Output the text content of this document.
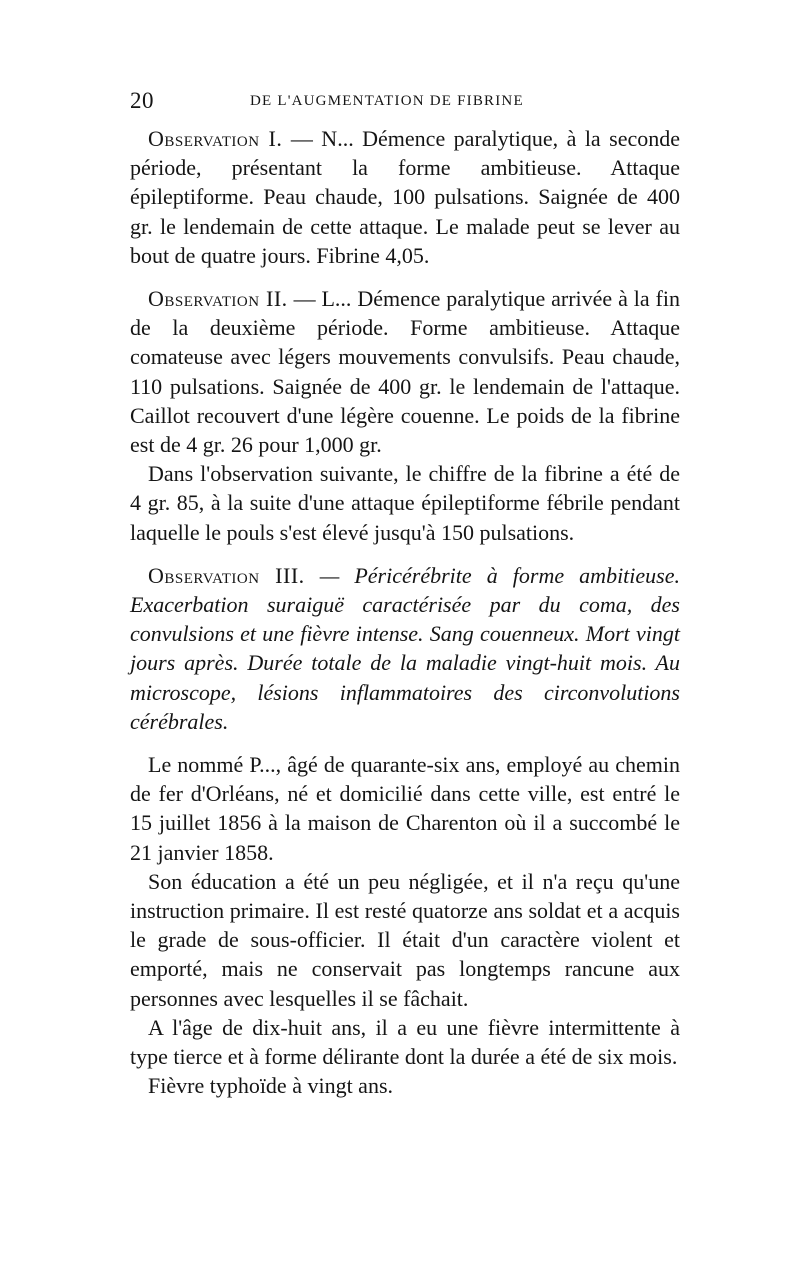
20	DE L'AUGMENTATION DE FIBRINE

Observation I. — N... Démence paralytique, à la seconde période, présentant la forme ambitieuse. Attaque épileptiforme. Peau chaude, 100 pulsations. Saignée de 400 gr. le lendemain de cette attaque. Le malade peut se lever au bout de quatre jours. Fibrine 4,05.

Observation II. — L... Démence paralytique arrivée à la fin de la deuxième période. Forme ambitieuse. Attaque comateuse avec légers mouvements convulsifs. Peau chaude, 110 pulsations. Saignée de 400 gr. le lendemain de l'attaque. Caillot recouvert d'une légère couenne. Le poids de la fibrine est de 4 gr. 26 pour 1,000 gr.

Dans l'observation suivante, le chiffre de la fibrine a été de 4 gr. 85, à la suite d'une attaque épileptiforme fébrile pendant laquelle le pouls s'est élevé jusqu'à 150 pulsations.

Observation III. — Péricérébrite à forme ambitieuse. Exacerbation suraiguë caractérisée par du coma, des convulsions et une fièvre intense. Sang couenneux. Mort vingt jours après. Durée totale de la maladie vingt-huit mois. Au microscope, lésions inflammatoires des circonvolutions cérébrales.

Le nommé P..., âgé de quarante-six ans, employé au chemin de fer d'Orléans, né et domicilié dans cette ville, est entré le 15 juillet 1856 à la maison de Charenton où il a succombé le 21 janvier 1858.

Son éducation a été un peu négligée, et il n'a reçu qu'une instruction primaire. Il est resté quatorze ans soldat et a acquis le grade de sous-officier. Il était d'un caractère violent et emporté, mais ne conservait pas longtemps rancune aux personnes avec lesquelles il se fâchait.

A l'âge de dix-huit ans, il a eu une fièvre intermittente à type tierce et à forme délirante dont la durée a été de six mois.

Fièvre typhoïde à vingt ans.
